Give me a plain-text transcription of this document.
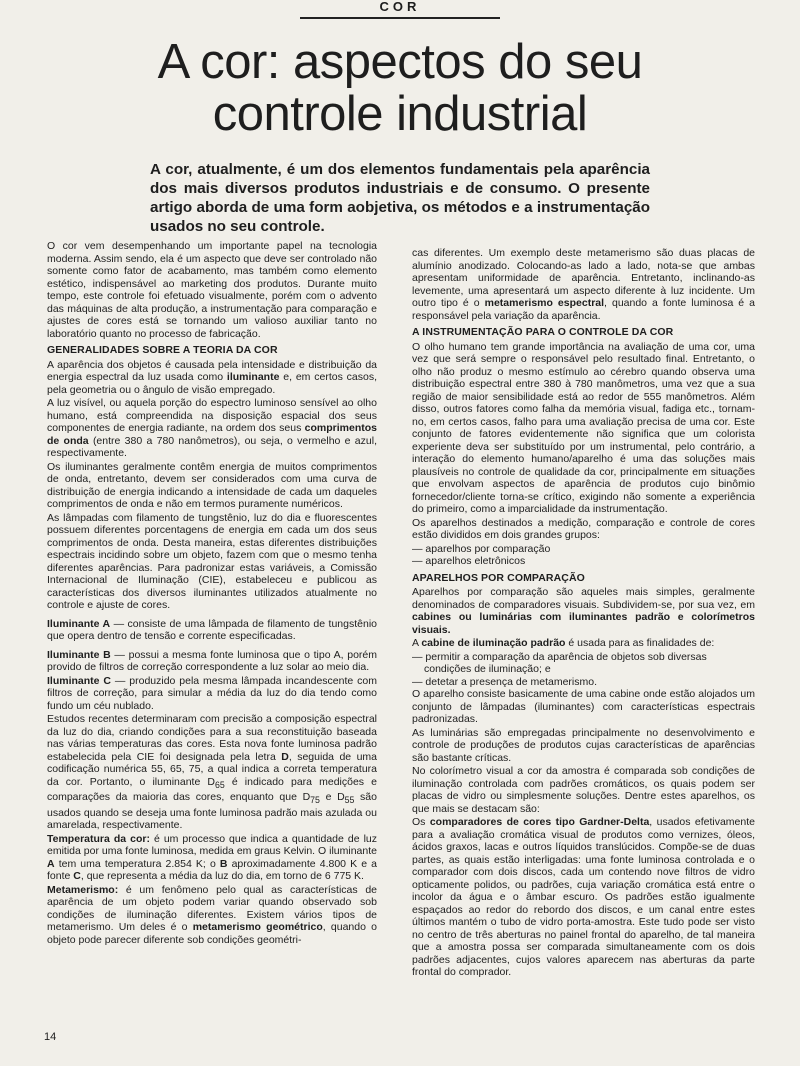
COR
A cor: aspectos do seu controle industrial

A cor, atualmente, é um dos elementos fundamentais pela aparência dos mais diversos produtos industriais e de consumo. O presente artigo aborda de uma form aobjetiva, os métodos e a instrumentação usados no seu controle.

O cor vem desempenhando um importante papel na tecnologia moderna. Assim sendo, ela é um aspecto que deve ser controlado não somente como fator de acabamento, mas também como elemento estético, indispensável ao marketing dos produtos. Durante muito tempo, este controle foi efetuado visualmente, porém com o advento das máquinas de alta produção, a instrumentação para comparação e ajustes de cores está se tornando um valioso auxiliar tanto no laboratório quanto no processo de fabricação.

GENERALIDADES SOBRE A TEORIA DA COR

A aparência dos objetos é causada pela intensidade e distribuição da energia espectral da luz usada como iluminante e, em certos casos, pela geometria ou o ângulo de visão empregado.

A luz visível, ou aquela porção do espectro luminoso sensível ao olho humano, está compreendida na disposição espacial dos seus componentes de energia radiante, na ordem dos seus comprimentos de onda (entre 380 a 780 nanômetros), ou seja, o vermelho e azul, respectivamente.

Os iluminantes geralmente contêm energia de muitos comprimentos de onda, entretanto, devem ser considerados com uma curva de distribuição de energia indicando a intensidade de cada um daqueles comprimentos de onda e não em termos puramente numéricos.

As lâmpadas com filamento de tungstênio, luz do dia e fluorescentes possuem diferentes porcentagens de energia em cada um dos seus comprimentos de onda. Desta maneira, estas diferentes distribuições espectrais incidindo sobre um objeto, fazem com que o mesmo tenha diferentes aparências. Para padronizar estas variáveis, a Comissão Internacional de Iluminação (CIE), estabeleceu e publicou as características dos diversos iluminantes utilizados atualmente no controle e ajuste de cores.

Iluminante A — consiste de uma lâmpada de filamento de tungstênio que opera dentro de tensão e corrente especificadas.

Iluminante B — possui a mesma fonte luminosa que o tipo A, porém provido de filtros de correção correspondente a luz solar ao meio dia.

Iluminante C — produzido pela mesma lâmpada incandescente com filtros de correção, para simular a média da luz do dia tendo como fundo um céu nublado.

Estudos recentes determinaram com precisão a composição espectral da luz do dia, criando condições para a sua reconstituição baseada nas várias temperaturas das cores. Esta nova fonte luminosa padrão estabelecida pela CIE foi designada pela letra D, seguida de uma codificação numérica 55, 65, 75, a qual indica a correta temperatura da cor. Portanto, o iluminante $D_{65}$ é indicado para medições e comparações da maioria das cores, enquanto que $D_{75}$ e $D_{55}$ são usados quando se deseja uma fonte luminosa padrão mais azulada ou amarelada, respectivamente.

Temperatura da cor: é um processo que indica a quantidade de luz emitida por uma fonte luminosa, medida em graus Kelvin. O iluminante A tem uma temperatura 2.854 K; o B aproximadamente 4.800 K e a fonte C, que representa a média da luz do dia, em torno de 6 775 K.

Metamerismo: é um fenômeno pelo qual as características de aparência de um objeto podem variar quando observado sob condições de iluminação diferentes. Existem vários tipos de metamerismo. Um deles é o metamerismo geométrico, quando o objeto pode parecer diferente sob condições geométri-

cas diferentes. Um exemplo deste metamerismo são duas placas de alumínio anodizado. Colocando-as lado a lado, nota-se que ambas apresentam uniformidade de aparência. Entretanto, inclinando-as levemente, uma apresentará um aspecto diferente à luz incidente. Um outro tipo é o metamerismo espectral, quando a fonte luminosa é a responsável pela variação da aparência.

A INSTRUMENTAÇÃO PARA O CONTROLE DA COR

O olho humano tem grande importância na avaliação de uma cor, uma vez que será sempre o responsável pelo resultado final. Entretanto, o olho não produz o mesmo estímulo ao cérebro quando observa uma distribuição espectral entre 380 à 780 manômetros, uma vez que a sua região de maior sensibilidade está ao redor de 555 manômetros. Além disso, outros fatores como falha da memória visual, fadiga etc., tornam-no, em certos casos, falho para uma avaliação precisa de uma cor. Este conjunto de fatores evidentemente não significa que um colorista experiente deva ser substituído por um instrumental, pelo contrário, a interação do elemento humano/aparelho é uma das soluções mais plausíveis no controle de qualidade da cor, principalmente em situações que envolvam aspectos de aparência de produtos cujo binômio fornecedor/cliente torna-se crítico, exigindo não somente a experiência do primeiro, como a imparcialidade da instrumentação.

Os aparelhos destinados a medição, comparação e controle de cores estão divididos em dois grandes grupos:

— aparelhos por comparação
— aparelhos eletrônicos
APARELHOS POR COMPARAÇÃO

Aparelhos por comparação são aqueles mais simples, geralmente denominados de comparadores visuais. Subdividem-se, por sua vez, em cabines ou luminárias com iluminantes padrão e colorímetros visuais.

A cabine de iluminação padrão é usada para as finalidades de:

— permitir a comparação da aparência de objetos sob diversas condições de iluminação; e
— detetar a presença de metamerismo.

O aparelho consiste basicamente de uma cabine onde estão alojados um conjunto de lâmpadas (iluminantes) com características espectrais padronizadas.

As luminárias são empregadas principalmente no desenvolvimento e controle de produções de produtos cujas características de aparências são bastante críticas.

No colorímetro visual a cor da amostra é comparada sob condições de iluminação controlada com padrões cromáticos, os quais podem ser placas de vidro ou simplesmente soluções. Dentre estes aparelhos, os que mais se destacam são:

Os comparadores de cores tipo Gardner-Delta, usados efetivamente para a avaliação cromática visual de produtos como vernizes, óleos, ácidos graxos, lacas e outros líquidos translúcidos. Compõe-se de duas partes, as quais estão interligadas: uma fonte luminosa controlada e o comparador com dois discos, cada um contendo nove filtros de vidro opticamente polidos, ou padrões, cuja variação cromática está entre o incolor da água e o âmbar escuro. Os padrões estão igualmente espaçados ao redor do rebordo dos discos, e um canal entre estes últimos mantém o tubo de vidro porta-amostra. Este tudo pode ser visto no centro de três aberturas no painel frontal do aparelho, de tal maneira que a amostra possa ser comparada simultaneamente com os dois padrões adjacentes, cujos valores aparecem nas aberturas da parte frontal do comprador.

14
